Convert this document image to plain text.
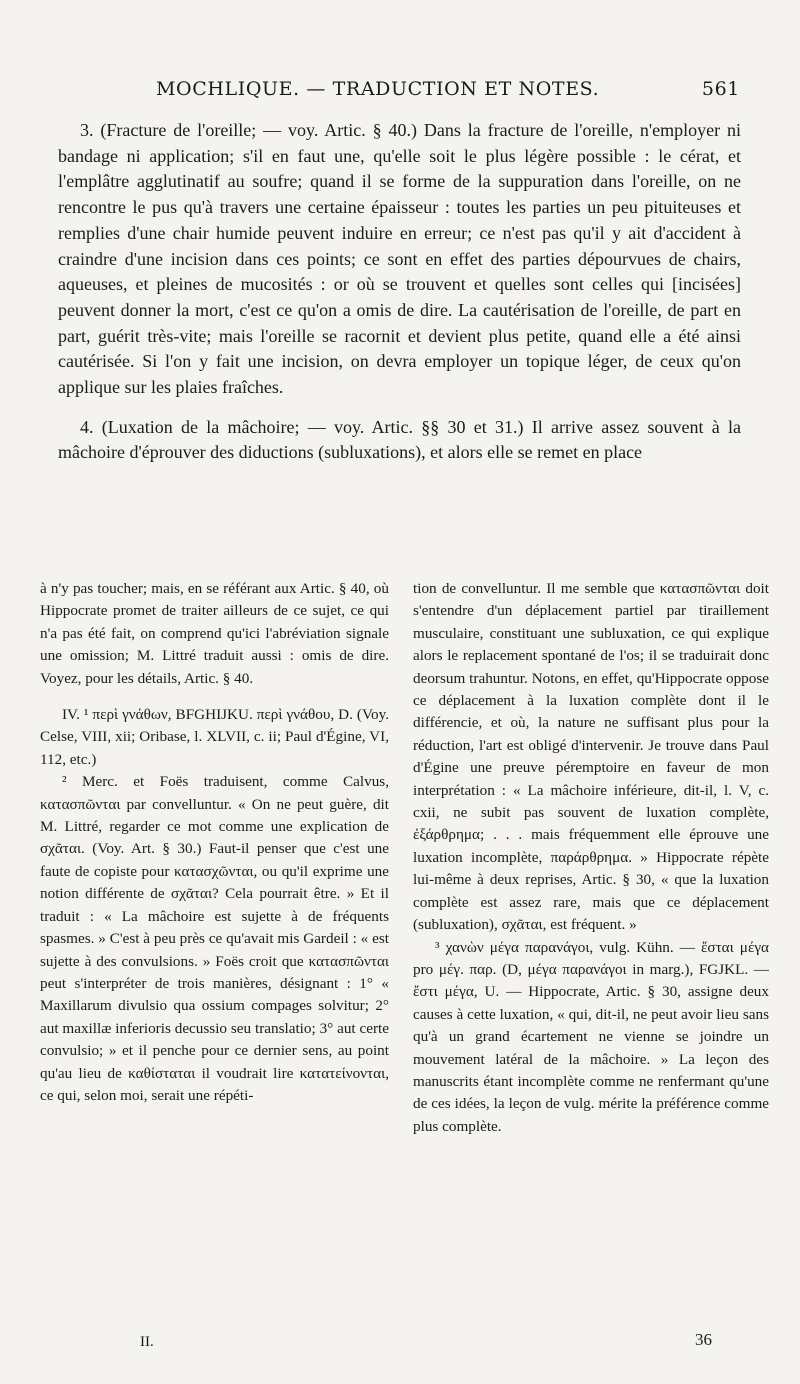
MOCHLIQUE. — TRADUCTION ET NOTES.	561

3. (Fracture de l'oreille; — voy. Artic. § 40.) Dans la fracture de l'oreille, n'employer ni bandage ni application; s'il en faut une, qu'elle soit le plus légère possible : le cérat, et l'emplâtre agglutinatif au soufre; quand il se forme de la suppuration dans l'oreille, on ne rencontre le pus qu'à travers une certaine épaisseur : toutes les parties un peu pituiteuses et remplies d'une chair humide peuvent induire en erreur; ce n'est pas qu'il y ait d'accident à craindre d'une incision dans ces points; ce sont en effet des parties dépourvues de chairs, aqueuses, et pleines de mucosités : or où se trouvent et quelles sont celles qui [incisées] peuvent donner la mort, c'est ce qu'on a omis de dire. La cautérisation de l'oreille, de part en part, guérit très-vite; mais l'oreille se racornit et devient plus petite, quand elle a été ainsi cautérisée. Si l'on y fait une incision, on devra employer un topique léger, de ceux qu'on applique sur les plaies fraîches.

4. (Luxation de la mâchoire; — voy. Artic. §§ 30 et 31.) Il arrive assez souvent à la mâchoire d'éprouver des diductions (subluxations), et alors elle se remet en place

à n'y pas toucher; mais, en se référant aux Artic. § 40, où Hippocrate promet de traiter ailleurs de ce sujet, ce qui n'a pas été fait, on comprend qu'ici l'abréviation signale une omission; M. Littré traduit aussi : omis de dire. Voyez, pour les détails, Artic. § 40.

IV. ¹ περὶ γνάθων, BFGHIJKU. περὶ γνάθου, D. (Voy. Celse, VIII, xii; Oribase, l. XLVII, c. ii; Paul d'Égine, VI, 112, etc.)

² Merc. et Foës traduisent, comme Calvus, κατασπῶνται par convelluntur. « On ne peut guère, dit M. Littré, regarder ce mot comme une explication de σχᾶται. (Voy. Art. § 30.) Faut-il penser que c'est une faute de copiste pour κατασχῶνται, ou qu'il exprime une notion différente de σχᾶται? Cela pourrait être. » Et il traduit : « La mâchoire est sujette à de fréquents spasmes. » C'est à peu près ce qu'avait mis Gardeil : « est sujette à des convulsions. » Foës croit que κατασπῶνται peut s'interpréter de trois manières, désignant : 1° « Maxillarum divulsio qua ossium compages solvitur; 2° aut maxillæ inferioris decussio seu translatio; 3° aut certe convulsio; » et il penche pour ce dernier sens, au point qu'au lieu de καθίσταται il voudrait lire κατατείνονται, ce qui, selon moi, serait une répéti-

tion de convelluntur. Il me semble que κατασπῶνται doit s'entendre d'un déplacement partiel par tiraillement musculaire, constituant une subluxation, ce qui explique alors le replacement spontané de l'os; il se traduirait donc deorsum trahuntur. Notons, en effet, qu'Hippocrate oppose ce déplacement à la luxation complète dont il le différencie, et où, la nature ne suffisant plus pour la réduction, l'art est obligé d'intervenir. Je trouve dans Paul d'Égine une preuve péremptoire en faveur de mon interprétation : « La mâchoire inférieure, dit-il, l. V, c. cxii, ne subit pas souvent de luxation complète, ἐξάρθρημα; . . . mais fréquemment elle éprouve une luxation incomplète, παράρθρημα. » Hippocrate répète lui-même à deux reprises, Artic. § 30, « que la luxation complète est assez rare, mais que ce déplacement (subluxation), σχᾶται, est fréquent. »

³ χανὼν μέγα παρανάγοι, vulg. Kühn. — ἔσται μέγα pro μέγ. παρ. (D, μέγα παρανάγοι in marg.), FGJKL. — ἔστι μέγα, U. — Hippocrate, Artic. § 30, assigne deux causes à cette luxation, « qui, dit-il, ne peut avoir lieu sans qu'à un grand écartement ne vienne se joindre un mouvement latéral de la mâchoire. » La leçon des manuscrits étant incomplète comme ne renfermant qu'une de ces idées, la leçon de vulg. mérite la préférence comme plus complète.

II.	36
